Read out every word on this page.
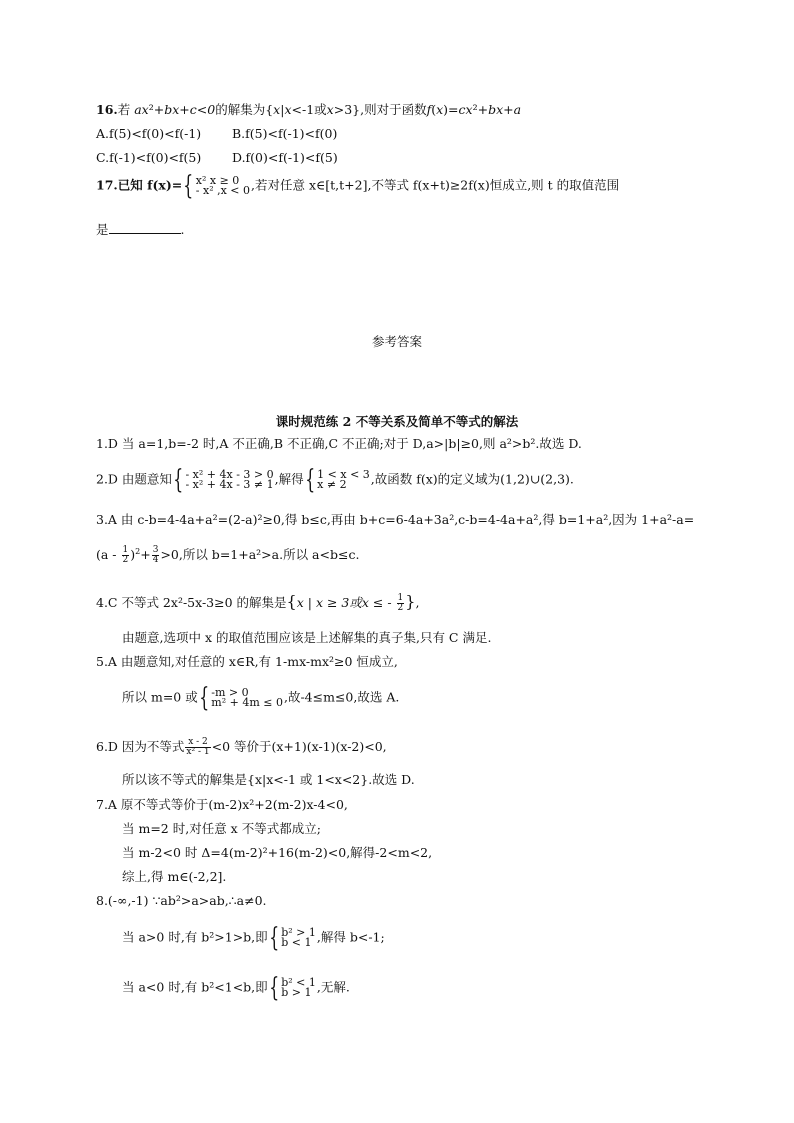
16.若 ax²+bx+c<0的解集为{x|x<-1或x>3},则对于函数f(x)=cx²+bx+a
A.f(5)<f(0)<f(-1) B.f(5)<f(-1)<f(0)
C.f(-1)<f(0)<f(5) D.f(0)<f(-1)<f(5)
17.已知 f(x)={ x² x ≥ 0
- x² ,x < 0 ,若对任意 x∈[t,t+2],不等式 f(x+t)≥2f(x)恒成立,则 t 的取值范围
是	.
参考答案
课时规范练 2 不等关系及简单不等式的解法
1.D 当 a=1,b=-2 时,A 不正确,B 不正确,C 不正确;对于 D,a>|b|≥0,则 a²>b².故选 D.
2.D 由题意知{ - x² + 4x - 3 > 0
- x² + 4x - 3 ≠ 1 ,解得{ 1 < x < 3
x ≠ 2	,故函数 f(x)的定义域为(1,2)∪(2,3).
3.A 由 c-b=4-4a+a²=(2-a)²≥0,得 b≤c,再由 b+c=6-4a+3a²,c-b=4-4a+a²,得 b=1+a²,因为 1+a²-a=
$(a - \frac{1}{2} )^2+ \frac{3}{4} >0$,所以 b=1+a²>a.所以 a<b≤c.
4.C 不等式 2x²-5x-3≥0 的解集是{x | x ≥ 3或x ≤ - $\frac{1}{2}$ },
由题意,选项中 x 的取值范围应该是上述解集的真子集,只有 C 满足.
5.A 由题意知,对任意的 x∈R,有 1-mx-mx²≥0 恒成立,
所以 m=0 或{ -m > 0
m² + 4m ≤ 0 ,故-4≤m≤0,故选 A.
6.D 因为不等式 $\frac{x - 2}{\text{x² - 1}} <0$ 等价于(x+1)(x-1)(x-2)<0,
所以该不等式的解集是{x|x<-1 或 1<x<2}.故选 D.
7.A 原不等式等价于(m-2)x²+2(m-2)x-4<0,
当 m=2 时,对任意 x 不等式都成立;
当 m-2<0 时 Δ=4(m-2)²+16(m-2)<0,解得-2<m<2,
综上,得 m∈(-2,2].
8.(-∞,-1) ∵ab²>a>ab,∴a≠0.
当 a>0 时,有 b²>1>b,即{ b² > 1
b < 1 ,解得 b<-1;
当 a<0 时,有 b²<1<b,即{ b² < 1
b > 1 ,无解.
